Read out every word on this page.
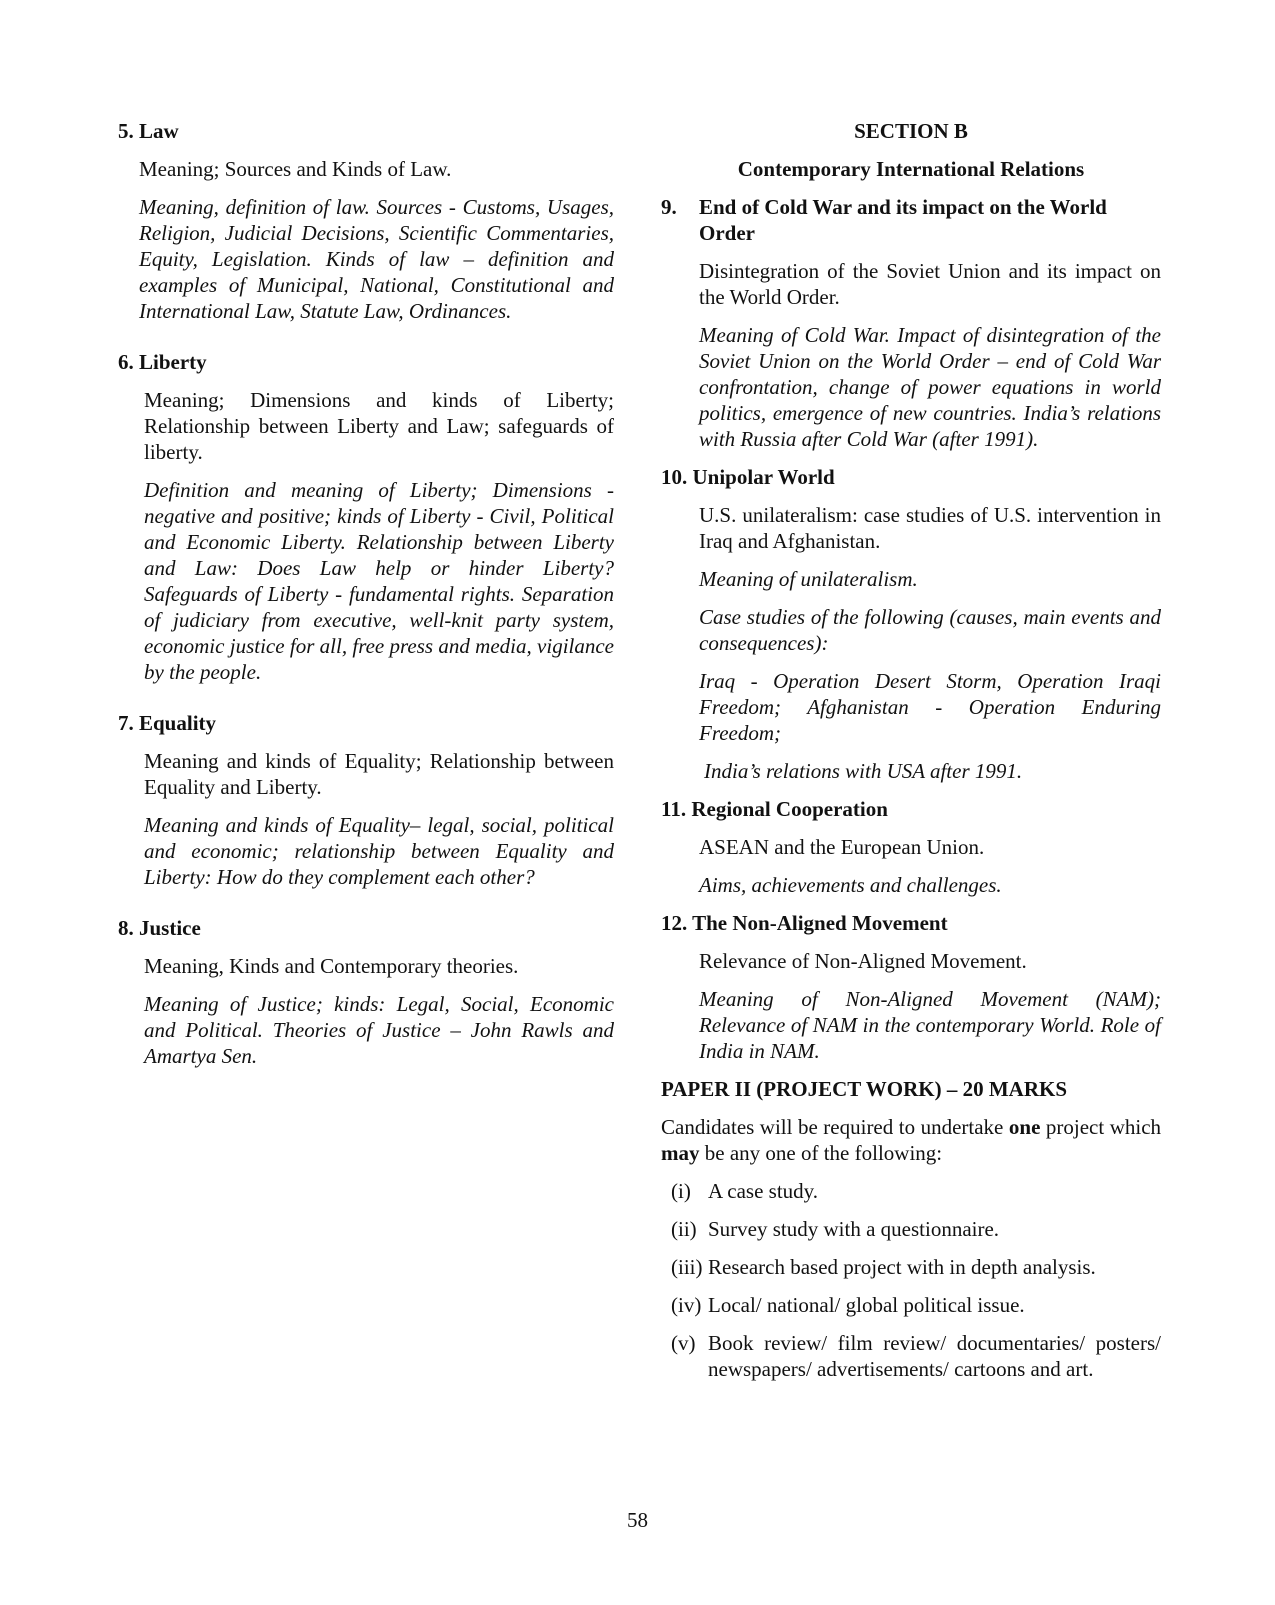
5. Law

Meaning; Sources and Kinds of Law.

Meaning, definition of law. Sources - Customs, Usages, Religion, Judicial Decisions, Scientific Commentaries, Equity, Legislation. Kinds of law – definition and examples of Municipal, National, Constitutional and International Law, Statute Law, Ordinances.

6. Liberty

Meaning; Dimensions and kinds of Liberty; Relationship between Liberty and Law; safeguards of liberty.

Definition and meaning of Liberty; Dimensions - negative and positive; kinds of Liberty - Civil, Political and Economic Liberty. Relationship between Liberty and Law: Does Law help or hinder Liberty? Safeguards of Liberty - fundamental rights. Separation of judiciary from executive, well-knit party system, economic justice for all, free press and media, vigilance by the people.

7. Equality

Meaning and kinds of Equality; Relationship between Equality and Liberty.

Meaning and kinds of Equality– legal, social, political and economic; relationship between Equality and Liberty: How do they complement each other?

8. Justice

Meaning, Kinds and Contemporary theories.

Meaning of Justice; kinds: Legal, Social, Economic and Political. Theories of Justice – John Rawls and Amartya Sen.

SECTION B
Contemporary International Relations
9.	End of Cold War and its impact on the World Order

Disintegration of the Soviet Union and its impact on the World Order.

Meaning of Cold War. Impact of disintegration of the Soviet Union on the World Order – end of Cold War confrontation, change of power equations in world politics, emergence of new countries. India’s relations with Russia after Cold War (after 1991).

10. Unipolar World

U.S. unilateralism: case studies of U.S. intervention in Iraq and Afghanistan.

Meaning of unilateralism.

Case studies of the following (causes, main events and consequences):

Iraq - Operation Desert Storm, Operation Iraqi Freedom; Afghanistan - Operation Enduring Freedom;

India’s relations with USA after 1991.

11. Regional Cooperation

ASEAN and the European Union.

Aims, achievements and challenges.

12. The Non-Aligned Movement

Relevance of Non-Aligned Movement.

Meaning of Non-Aligned Movement (NAM); Relevance of NAM in the contemporary World. Role of India in NAM.

PAPER II (PROJECT WORK) – 20 MARKS

Candidates will be required to undertake one project which may be any one of the following:

(i) A case study.
(ii) Survey study with a questionnaire.
(iii) Research based project with in depth analysis.
(iv) Local/ national/ global political issue.
(v) Book review/ film review/ documentaries/ posters/ newspapers/ advertisements/ cartoons and art.
58
